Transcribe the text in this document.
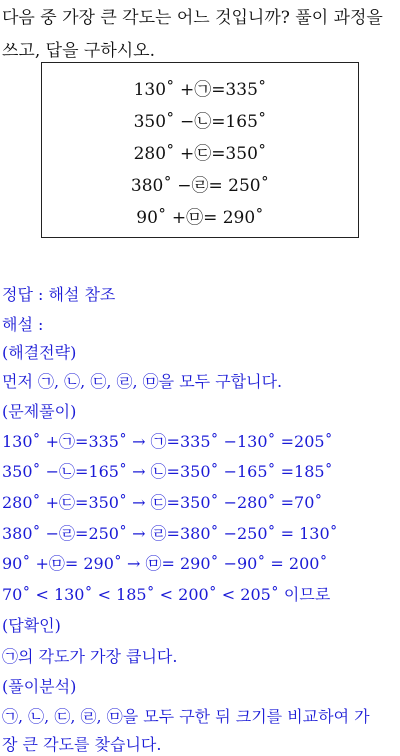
다음 중 가장 큰 각도는 어느 것입니까? 풀이 과정을
쓰고, 답을 구하시오.
130˚ +㉠=335˚
350˚ −㉡=165˚
280˚ +㉢=350˚
380˚ −㉣= 250˚
90˚ +㉤= 290˚
정답 : 해설 참조
해설 :
(해결전략)
먼저 ㉠, ㉡, ㉢, ㉣, ㉤을 모두 구합니다.
(문제풀이)
130˚ +㉠=335˚ → ㉠=335˚ −130˚ =205˚
350˚ −㉡=165˚ → ㉡=350˚ −165˚ =185˚
280˚ +㉢=350˚ → ㉢=350˚ −280˚ =70˚
380˚ −㉣=250˚ → ㉣=380˚ −250˚ = 130˚
90˚ +㉤= 290˚ → ㉤= 290˚ −90˚ = 200˚
70˚ < 130˚ < 185˚ < 200˚ < 205˚ 이므로
(답확인)
㉠의 각도가 가장 큽니다.
(풀이분석)
㉠, ㉡, ㉢, ㉣, ㉤을 모두 구한 뒤 크기를 비교하여 가
장 큰 각도를 찾습니다.
